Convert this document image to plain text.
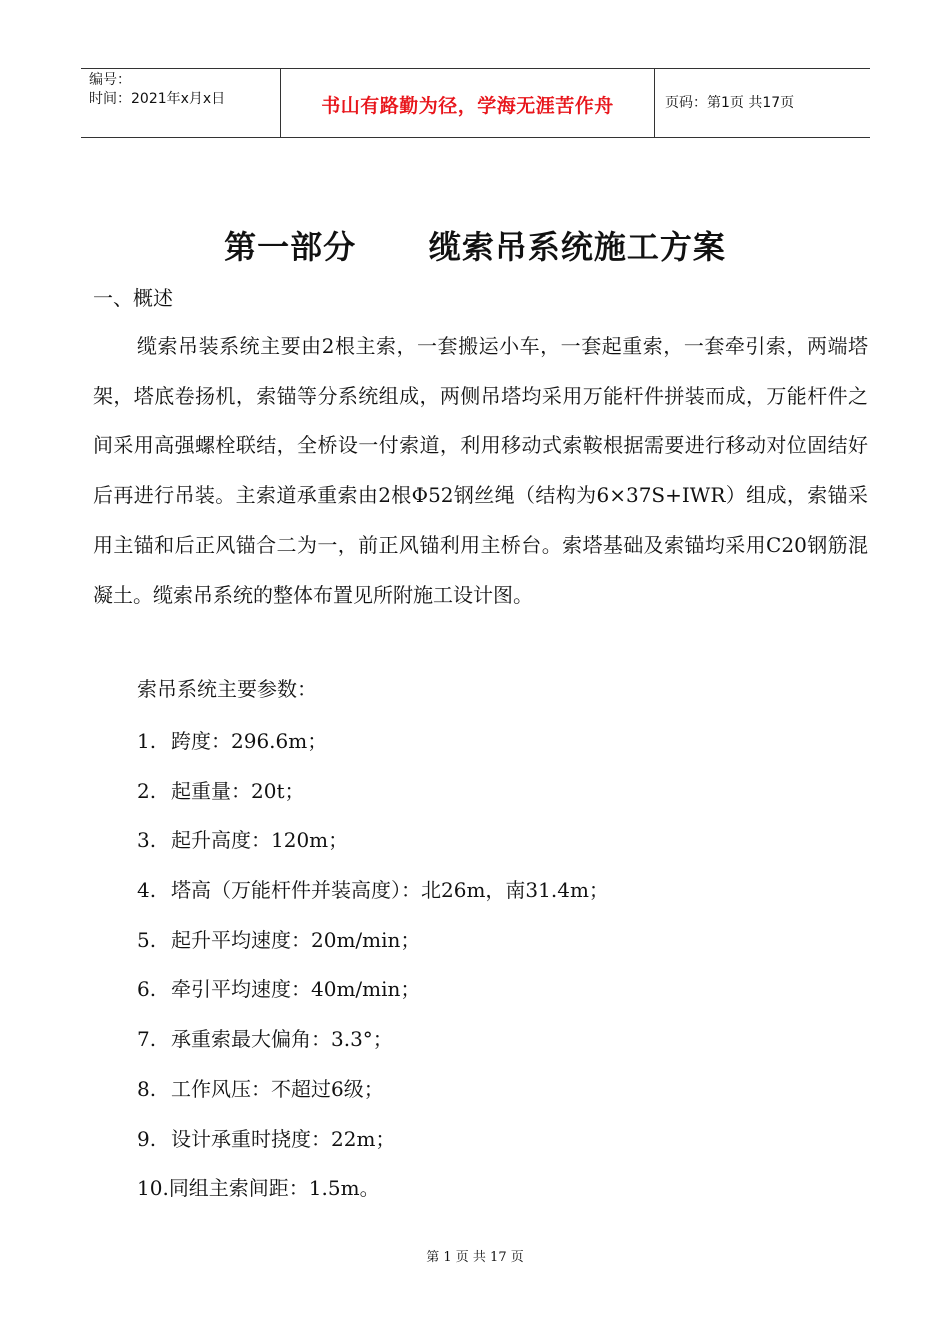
编号：
时间：2021年x月x日	书山有路勤为径，学海无涯苦作舟	页码：第1页 共17页
第一部分      缆索吊系统施工方案
一、概述

缆索吊装系统主要由2根主索，一套搬运小车，一套起重索，一套牵引索，两端塔架，塔底卷扬机，索锚等分系统组成，两侧吊塔均采用万能杆件拼装而成，万能杆件之间采用高强螺栓联结，全桥设一付索道，利用移动式索鞍根据需要进行移动对位固结好后再进行吊装。主索道承重索由2根Φ52钢丝绳（结构为6×37S+IWR）组成，索锚采用主锚和后正风锚合二为一，前正风锚利用主桥台。索塔基础及索锚均采用C20钢筋混凝土。缆索吊系统的整体布置见所附施工设计图。

索吊系统主要参数：
1. 跨度：296.6m；
2. 起重量：20t；
3. 起升高度：120m；
4. 塔高（万能杆件并装高度）：北26m，南31.4m；
5. 起升平均速度：20m/min；
6. 牵引平均速度：40m/min；
7. 承重索最大偏角：3.3°；
8. 工作风压：不超过6级；
9. 设计承重时挠度：22m；
10.同组主索间距：1.5m。
第 1 页 共 17 页
